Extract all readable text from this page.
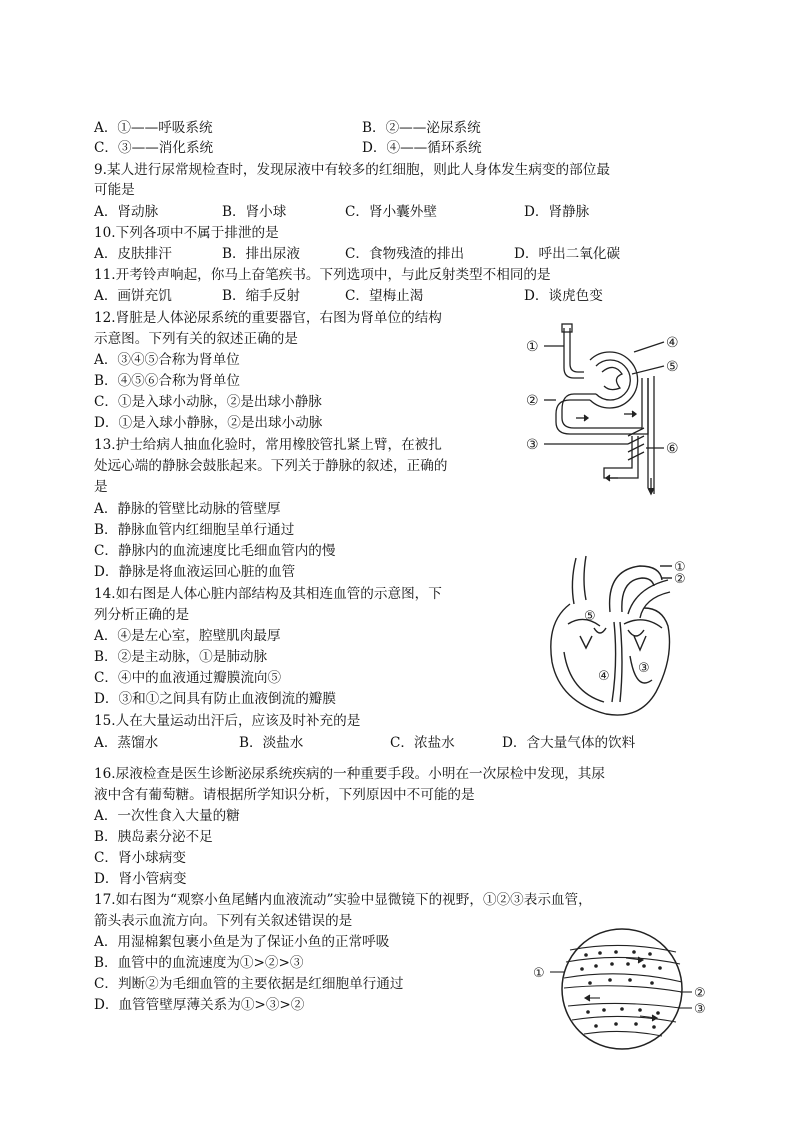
A．①——呼吸系统	B．②——泌尿系统
C．③——消化系统	D．④——循环系统
9.某人进行尿常规检查时，发现尿液中有较多的红细胞，则此人身体发生病变的部位最
可能是
A．肾动脉	B．肾小球	C．肾小囊外壁	D．肾静脉
10.下列各项中不属于排泄的是
A．皮肤排汗	B．排出尿液	C．食物残渣的排出	D．呼出二氧化碳
11.开考铃声响起，你马上奋笔疾书。下列选项中，与此反射类型不相同的是
A．画饼充饥	B．缩手反射	C．望梅止渴	D．谈虎色变
12.肾脏是人体泌尿系统的重要器官，右图为肾单位的结构
示意图。下列有关的叙述正确的是
A．③④⑤合称为肾单位
B．④⑤⑥合称为肾单位
C．①是入球小动脉，②是出球小静脉
D．①是入球小静脉，②是出球小动脉
①
②
③
④
⑤
⑥
13.护士给病人抽血化验时，常用橡胶管扎紧上臂，在被扎
处远心端的静脉会鼓胀起来。下列关于静脉的叙述，正确的
是
A．静脉的管壁比动脉的管壁厚
B．静脉血管内红细胞呈单行通过
C．静脉内的血流速度比毛细血管内的慢
D．静脉是将血液运回心脏的血管
14.如右图是人体心脏内部结构及其相连血管的示意图，下
列分析正确的是
A．④是左心室，腔壁肌肉最厚
B．②是主动脉，①是肺动脉
C．④中的血液通过瓣膜流向⑤
D．③和①之间具有防止血液倒流的瓣膜
①
②
③
④
⑤
15.人在大量运动出汗后，应该及时补充的是
A．蒸馏水	B．淡盐水	C．浓盐水	D．含大量气体的饮料
16.尿液检查是医生诊断泌尿系统疾病的一种重要手段。小明在一次尿检中发现，其尿
液中含有葡萄糖。请根据所学知识分析，下列原因中不可能的是
A．一次性食入大量的糖
B．胰岛素分泌不足
C．肾小球病变
D．肾小管病变
17.如右图为“观察小鱼尾鳍内血液流动”实验中显微镜下的视野，①②③表示血管，
箭头表示血流方向。下列有关叙述错误的是
A．用湿棉絮包裹小鱼是为了保证小鱼的正常呼吸
B．血管中的血流速度为①>②>③
C．判断②为毛细血管的主要依据是红细胞单行通过
D．血管管壁厚薄关系为①>③>②
①
②
③
